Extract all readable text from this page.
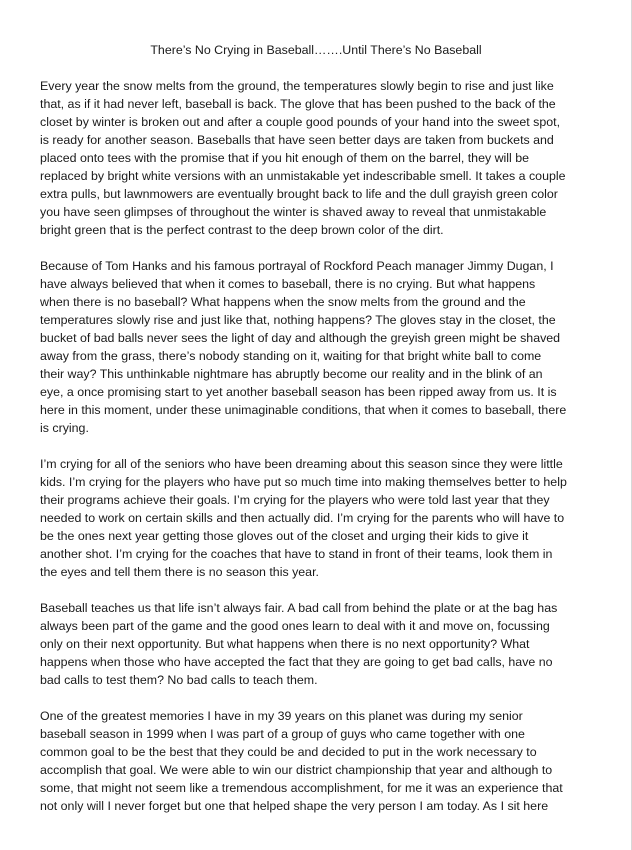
There’s No Crying in Baseball…….Until There’s No Baseball

Every year the snow melts from the ground, the temperatures slowly begin to rise and just like
that, as if it had never left, baseball is back. The glove that has been pushed to the back of the
closet by winter is broken out and after a couple good pounds of your hand into the sweet spot,
is ready for another season. Baseballs that have seen better days are taken from buckets and
placed onto tees with the promise that if you hit enough of them on the barrel, they will be
replaced by bright white versions with an unmistakable yet indescribable smell. It takes a couple
extra pulls, but lawnmowers are eventually brought back to life and the dull grayish green color
you have seen glimpses of throughout the winter is shaved away to reveal that unmistakable
bright green that is the perfect contrast to the deep brown color of the dirt.

Because of Tom Hanks and his famous portrayal of Rockford Peach manager Jimmy Dugan, I
have always believed that when it comes to baseball, there is no crying. But what happens
when there is no baseball? What happens when the snow melts from the ground and the
temperatures slowly rise and just like that, nothing happens? The gloves stay in the closet, the
bucket of bad balls never sees the light of day and although the greyish green might be shaved
away from the grass, there’s nobody standing on it, waiting for that bright white ball to come
their way? This unthinkable nightmare has abruptly become our reality and in the blink of an
eye, a once promising start to yet another baseball season has been ripped away from us. It is
here in this moment, under these unimaginable conditions, that when it comes to baseball, there
is crying.

I’m crying for all of the seniors who have been dreaming about this season since they were little
kids. I’m crying for the players who have put so much time into making themselves better to help
their programs achieve their goals. I’m crying for the players who were told last year that they
needed to work on certain skills and then actually did. I’m crying for the parents who will have to
be the ones next year getting those gloves out of the closet and urging their kids to give it
another shot. I’m crying for the coaches that have to stand in front of their teams, look them in
the eyes and tell them there is no season this year.

Baseball teaches us that life isn’t always fair. A bad call from behind the plate or at the bag has
always been part of the game and the good ones learn to deal with it and move on, focussing
only on their next opportunity. But what happens when there is no next opportunity? What
happens when those who have accepted the fact that they are going to get bad calls, have no
bad calls to test them? No bad calls to teach them.

One of the greatest memories I have in my 39 years on this planet was during my senior
baseball season in 1999 when I was part of a group of guys who came together with one
common goal to be the best that they could be and decided to put in the work necessary to
accomplish that goal. We were able to win our district championship that year and although to
some, that might not seem like a tremendous accomplishment, for me it was an experience that
not only will I never forget but one that helped shape the very person I am today. As I sit here
